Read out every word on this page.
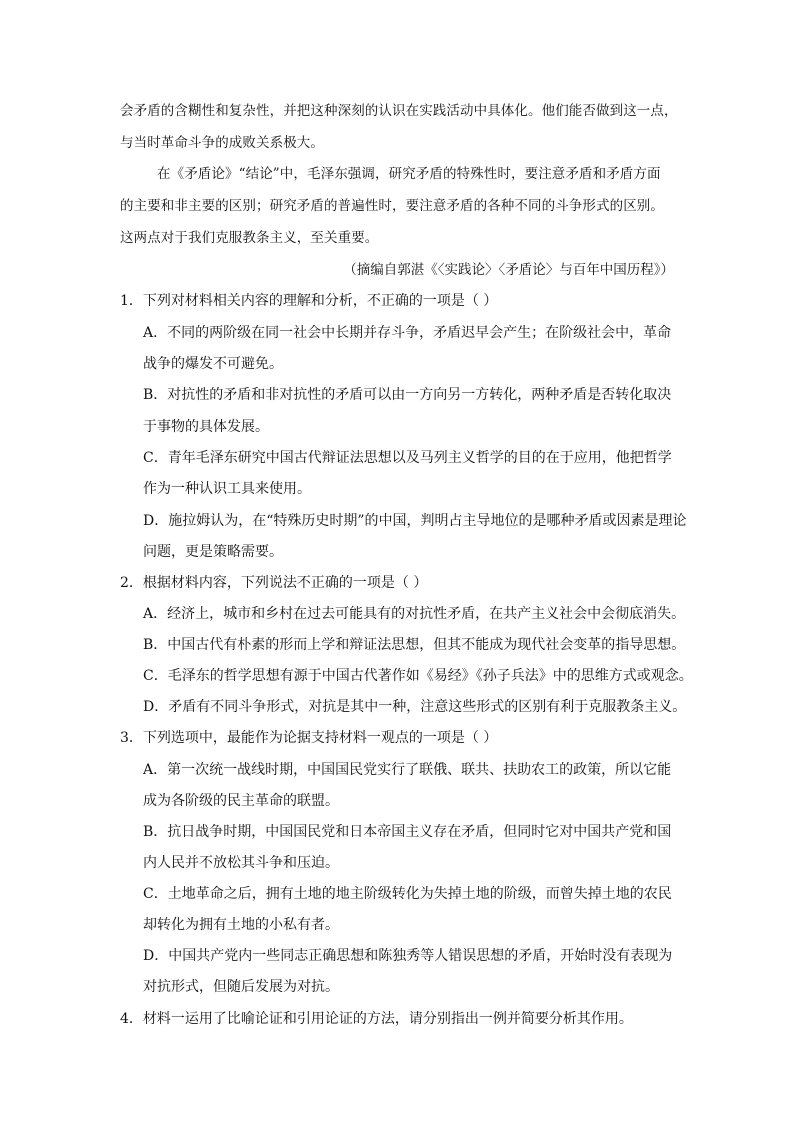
会矛盾的含糊性和复杂性，并把这种深刻的认识在实践活动中具体化。他们能否做到这一点，
与当时革命斗争的成败关系极大。
在《矛盾论》“结论”中，毛泽东强调，研究矛盾的特殊性时，要注意矛盾和矛盾方面
的主要和非主要的区别；研究矛盾的普遍性时，要注意矛盾的各种不同的斗争形式的区别。
这两点对于我们克服教条主义，至关重要。
（摘编自郭湛《〈实践论〉〈矛盾论〉与百年中国历程》）
1．下列对材料相关内容的理解和分析，不正确的一项是（ ）
A．不同的两阶级在同一社会中长期并存斗争，矛盾迟早会产生；在阶级社会中，革命
战争的爆发不可避免。
B．对抗性的矛盾和非对抗性的矛盾可以由一方向另一方转化，两种矛盾是否转化取决
于事物的具体发展。
C．青年毛泽东研究中国古代辩证法思想以及马列主义哲学的目的在于应用，他把哲学
作为一种认识工具来使用。
D．施拉姆认为，在“特殊历史时期”的中国，判明占主导地位的是哪种矛盾或因素是理论
问题，更是策略需要。
2．根据材料内容，下列说法不正确的一项是（ ）
A．经济上，城市和乡村在过去可能具有的对抗性矛盾，在共产主义社会中会彻底消失。
B．中国古代有朴素的形而上学和辩证法思想，但其不能成为现代社会变革的指导思想。
C．毛泽东的哲学思想有源于中国古代著作如《易经》《孙子兵法》中的思维方式或观念。
D．矛盾有不同斗争形式，对抗是其中一种，注意这些形式的区别有利于克服教条主义。
3．下列选项中，最能作为论据支持材料一观点的一项是（ ）
A．第一次统一战线时期，中国国民党实行了联俄、联共、扶助农工的政策，所以它能
成为各阶级的民主革命的联盟。
B．抗日战争时期，中国国民党和日本帝国主义存在矛盾，但同时它对中国共产党和国
内人民并不放松其斗争和压迫。
C．土地革命之后，拥有土地的地主阶级转化为失掉土地的阶级，而曾失掉土地的农民
却转化为拥有土地的小私有者。
D．中国共产党内一些同志正确思想和陈独秀等人错误思想的矛盾，开始时没有表现为
对抗形式，但随后发展为对抗。
4．材料一运用了比喻论证和引用论证的方法，请分别指出一例并简要分析其作用。
